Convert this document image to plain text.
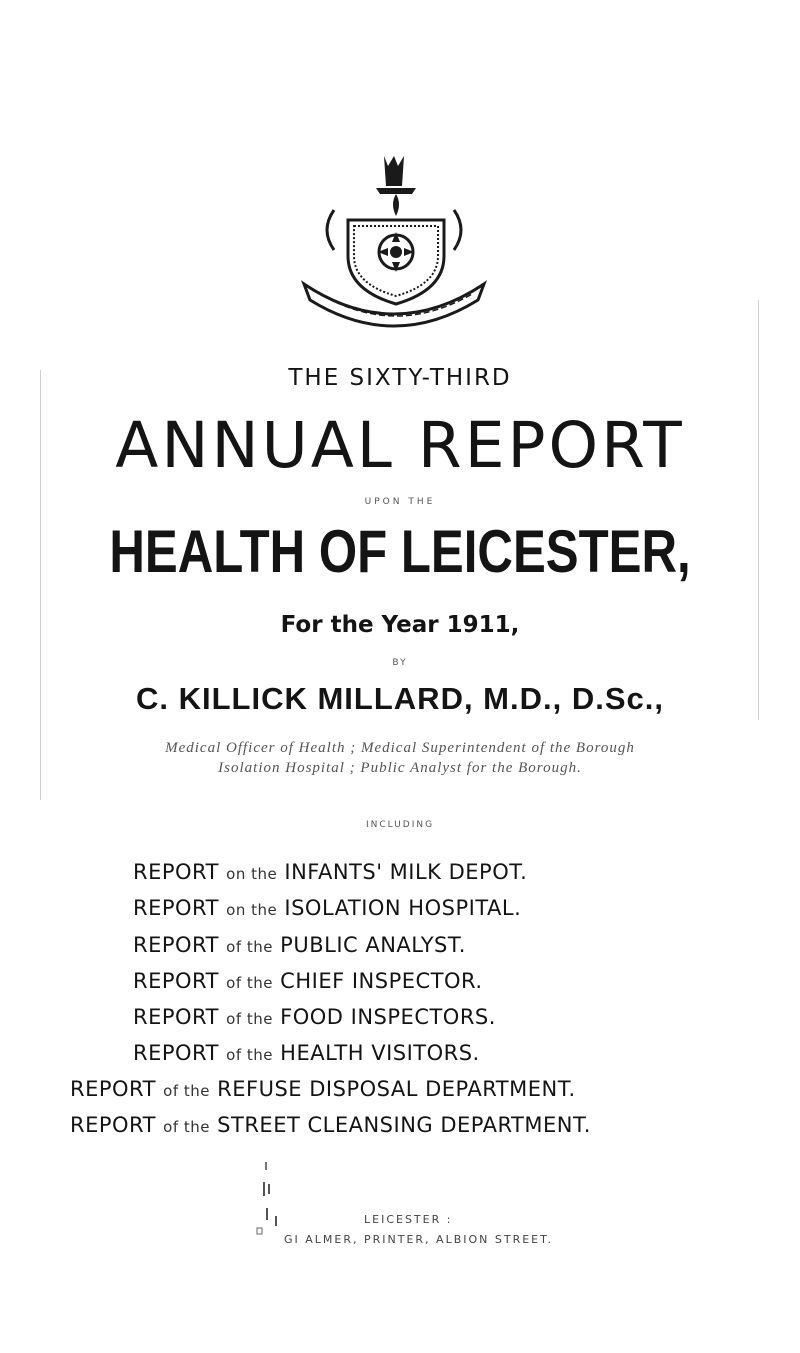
THE SIXTY-THIRD
ANNUAL REPORT
UPON THE
HEALTH OF LEICESTER,
For the Year 1911,
BY
C. KILLICK MILLARD, M.D., D.Sc.,
Medical Officer of Health ; Medical Superintendent of the Borough
Isolation Hospital ; Public Analyst for the Borough.
INCLUDING
REPORT on the INFANTS' MILK DEPOT.
REPORT on the ISOLATION HOSPITAL.
REPORT of the PUBLIC ANALYST.
REPORT of the CHIEF INSPECTOR.
REPORT of the FOOD INSPECTORS.
REPORT of the HEALTH VISITORS.
REPORT of the REFUSE DISPOSAL DEPARTMENT.
REPORT of the STREET CLEANSING DEPARTMENT.
LEICESTER :
GI ALMER, PRINTER, ALBION STREET.
